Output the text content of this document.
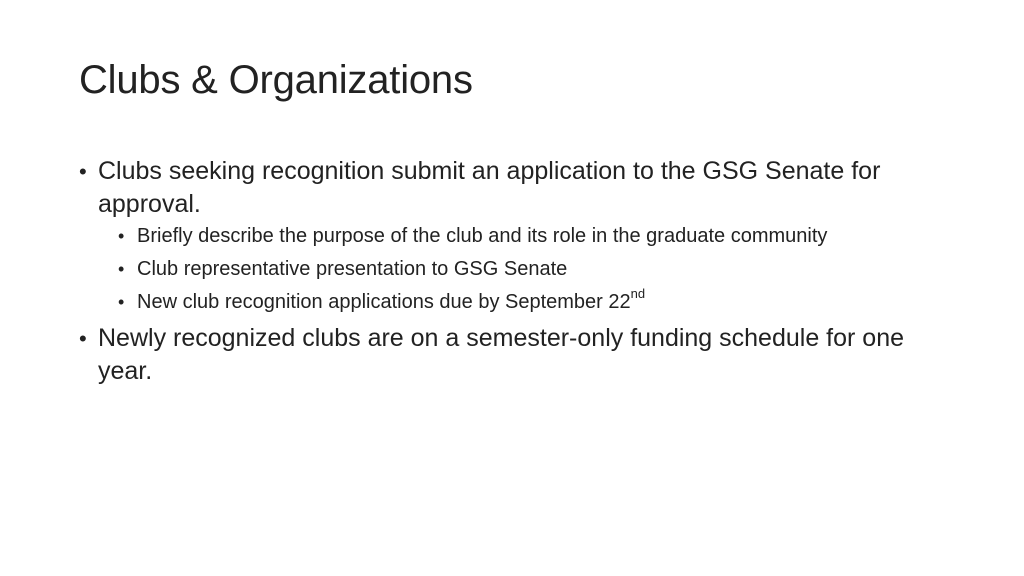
Clubs & Organizations
• Clubs seeking recognition submit an application to the GSG Senate for approval.
• Briefly describe the purpose of the club and its role in the graduate community
• Club representative presentation to GSG Senate
• New club recognition applications due by September 22nd
• Newly recognized clubs are on a semester-only funding schedule for one year.
